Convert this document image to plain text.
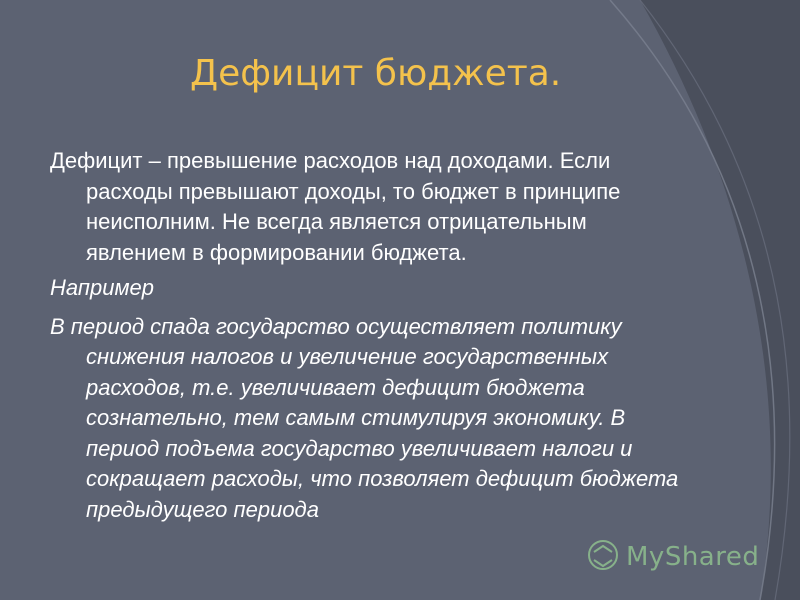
Дефицит бюджета.

Дефицит – превышение расходов над доходами. Если расходы превышают доходы, то бюджет в принципе неисполним. Не всегда является отрицательным явлением в формировании бюджета.

Например

В период спада государство осуществляет политику снижения налогов и увеличение государственных расходов, т.е. увеличивает дефицит бюджета сознательно, тем самым стимулируя экономику. В период подъема государство увеличивает налоги и сокращает расходы, что позволяет дефицит бюджета предыдущего периода

MyShared
